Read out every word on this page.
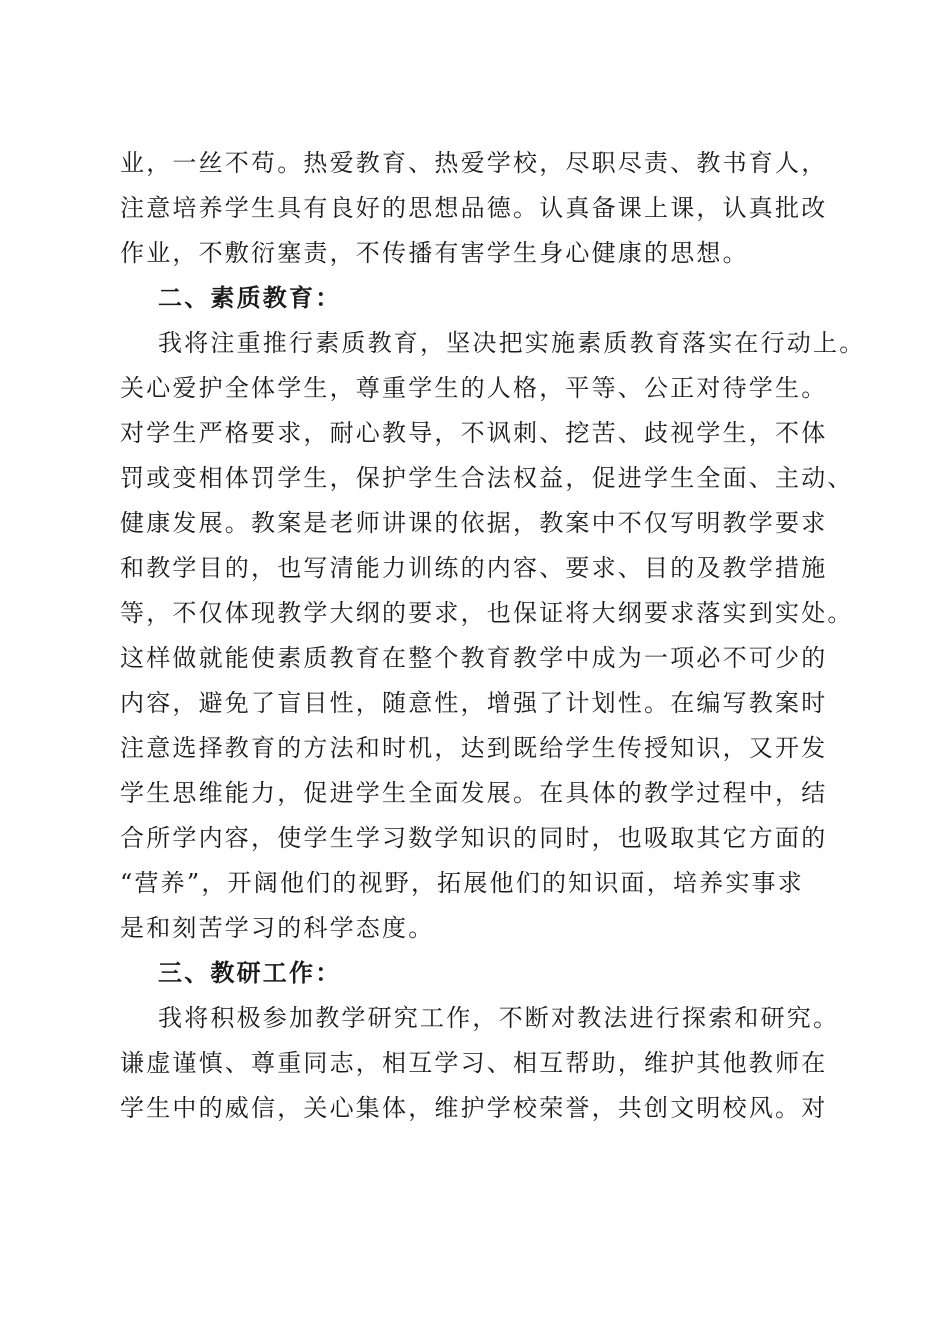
业，一丝不苟。热爱教育、热爱学校，尽职尽责、教书育人，
注意培养学生具有良好的思想品德。认真备课上课，认真批改
作业，不敷衍塞责，不传播有害学生身心健康的思想。
二、素质教育：
我将注重推行素质教育，坚决把实施素质教育落实在行动上。
关心爱护全体学生，尊重学生的人格，平等、公正对待学生。
对学生严格要求，耐心教导，不讽刺、挖苦、歧视学生，不体
罚或变相体罚学生，保护学生合法权益，促进学生全面、主动、
健康发展。教案是老师讲课的依据，教案中不仅写明教学要求
和教学目的，也写清能力训练的内容、要求、目的及教学措施
等，不仅体现教学大纲的要求，也保证将大纲要求落实到实处。
这样做就能使素质教育在整个教育教学中成为一项必不可少的
内容，避免了盲目性，随意性，增强了计划性。在编写教案时
注意选择教育的方法和时机，达到既给学生传授知识，又开发
学生思维能力，促进学生全面发展。在具体的教学过程中，结
合所学内容，使学生学习数学知识的同时，也吸取其它方面的
“营养”，开阔他们的视野，拓展他们的知识面，培养实事求
是和刻苦学习的科学态度。
三、教研工作：
我将积极参加教学研究工作，不断对教法进行探索和研究。
谦虚谨慎、尊重同志，相互学习、相互帮助，维护其他教师在
学生中的威信，关心集体，维护学校荣誉，共创文明校风。对
